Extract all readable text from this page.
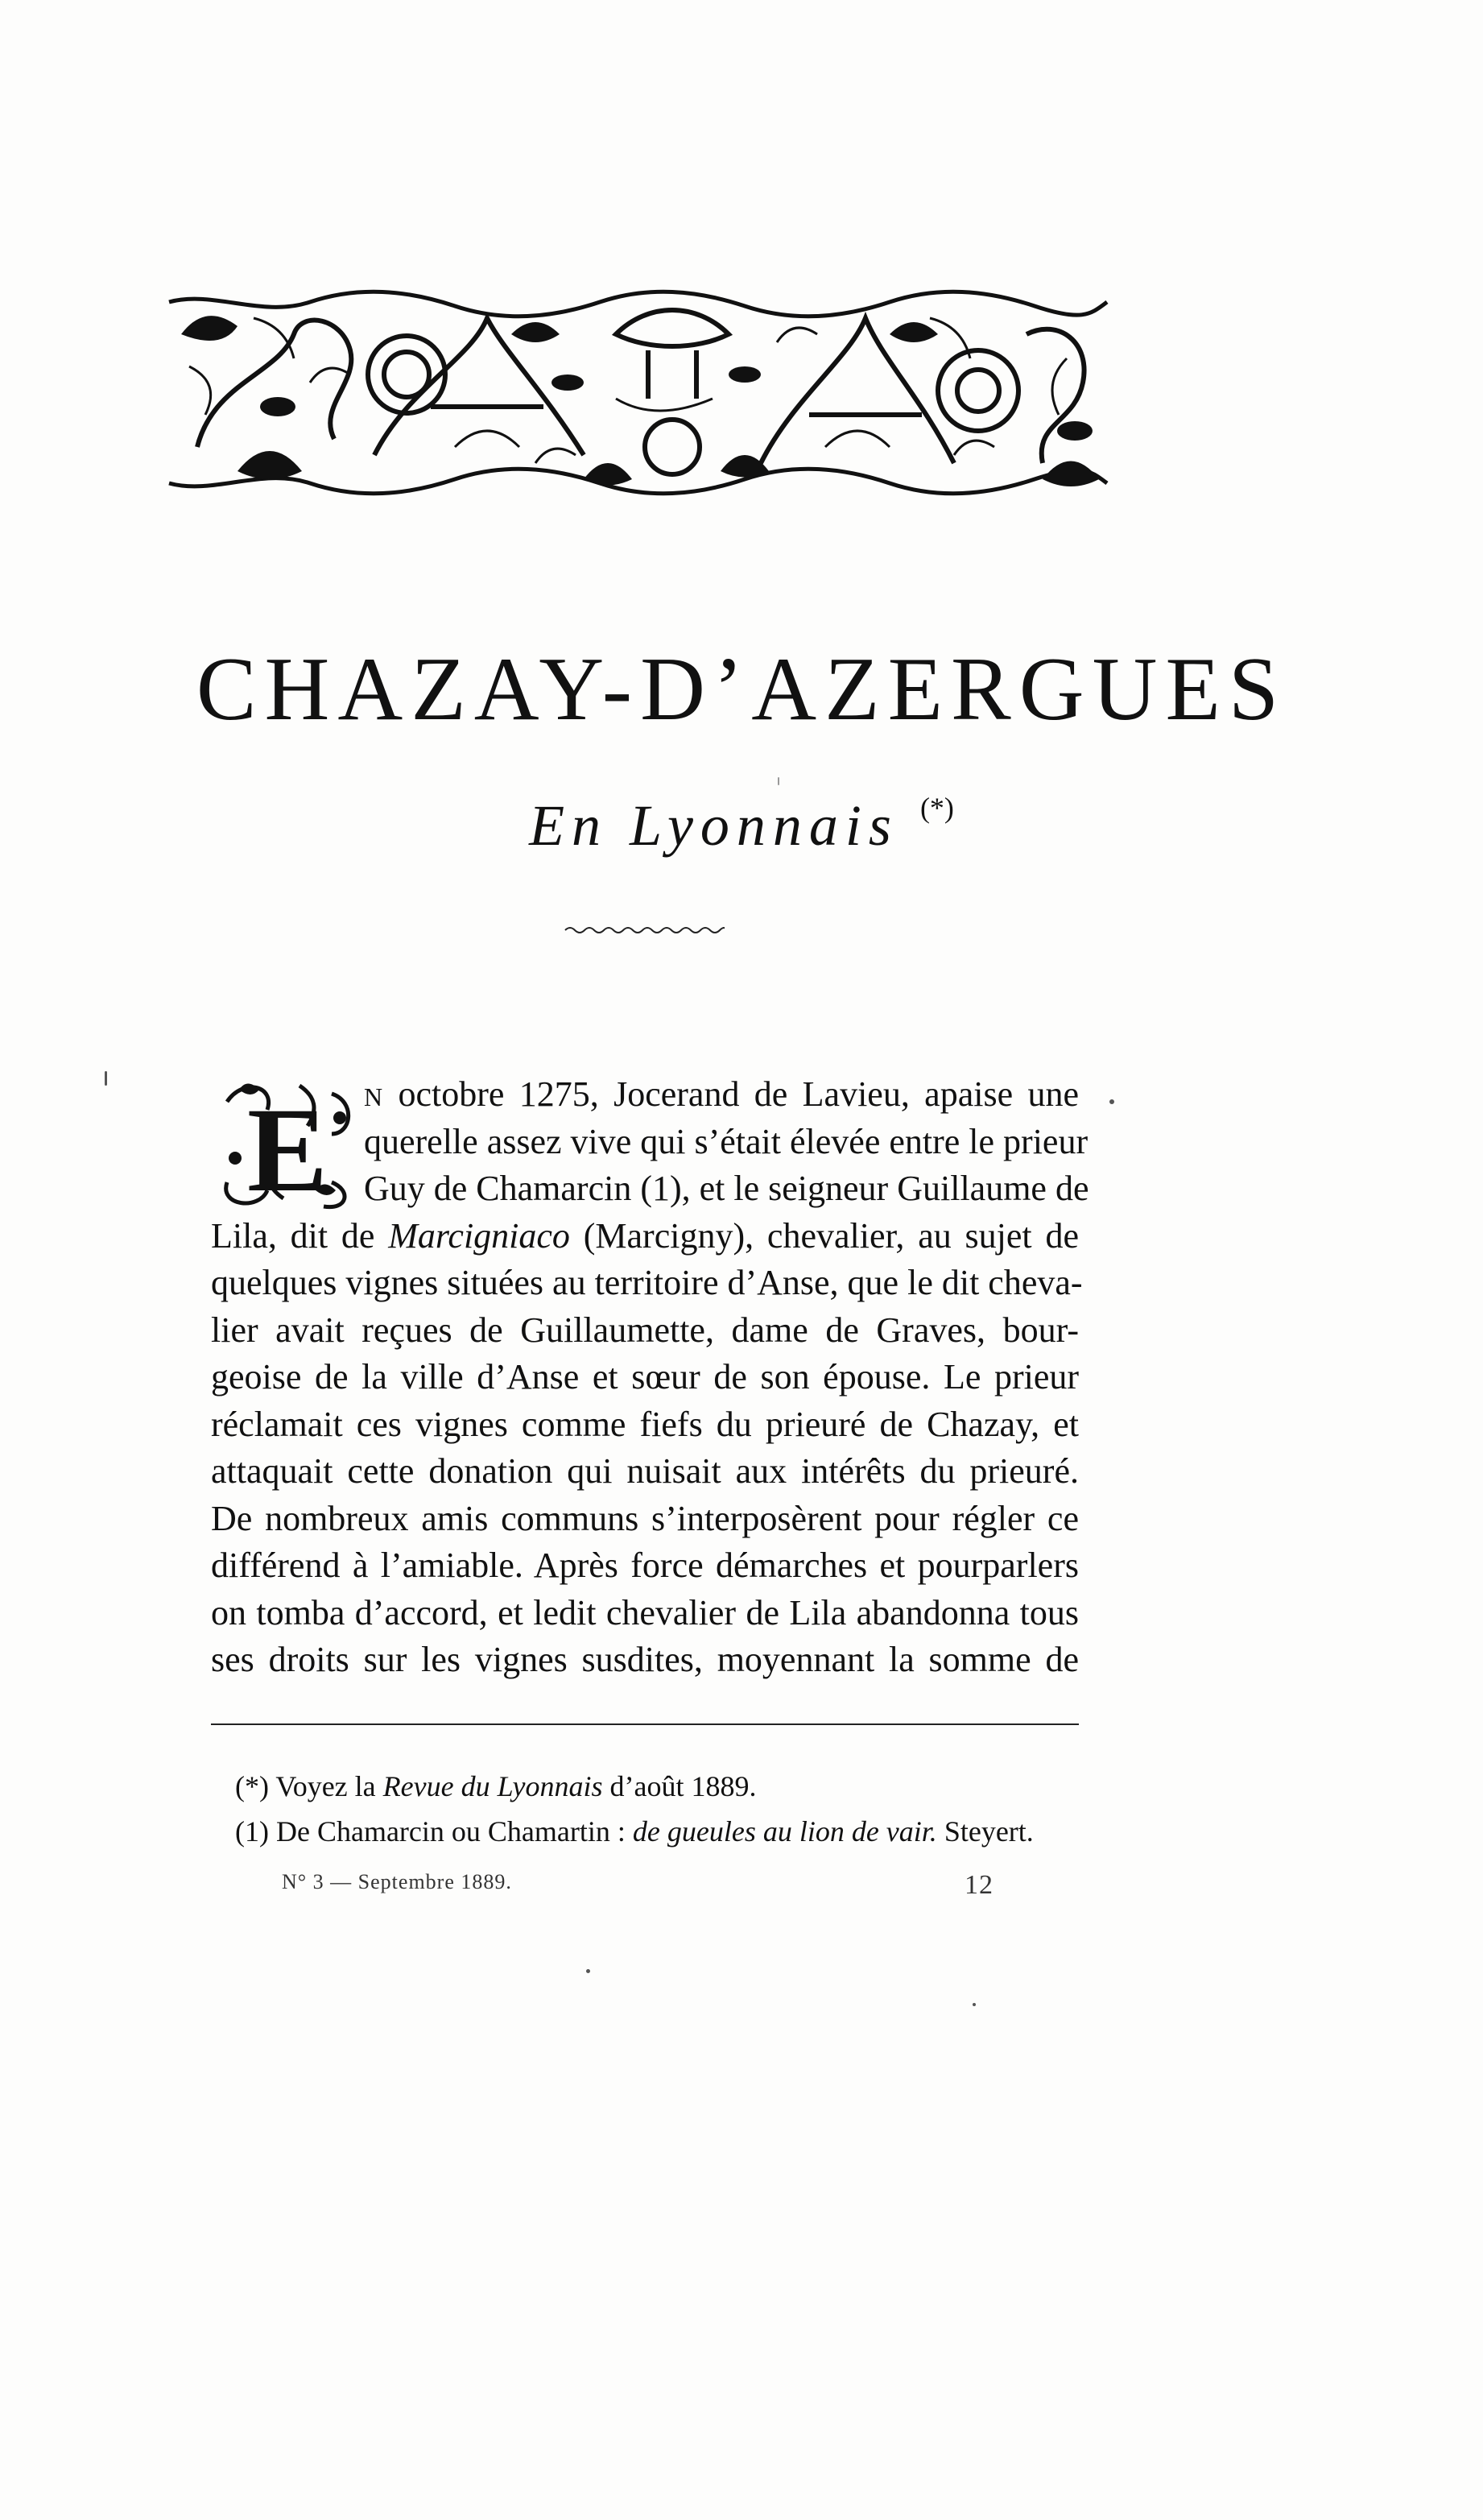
CHAZAY-D’AZERGUES
En Lyonnais (*)
E	N octobre 1275, Jocerand de Lavieu, apaise une
querelle assez vive qui s’était élevée entre le prieur
Guy de Chamarcin (1), et le seigneur Guillaume de
Lila, dit de Marcigniaco (Marcigny), chevalier, au sujet de
quelques vignes situées au territoire d’Anse, que le dit cheva-
lier avait reçues de Guillaumette, dame de Graves, bour-
geoise de la ville d’Anse et sœur de son épouse. Le prieur
réclamait ces vignes comme fiefs du prieuré de Chazay, et
attaquait cette donation qui nuisait aux intérêts du prieuré.
De nombreux amis communs s’interposèrent pour régler ce
différend à l’amiable. Après force démarches et pourparlers
on tomba d’accord, et ledit chevalier de Lila abandonna tous
ses droits sur les vignes susdites, moyennant la somme de
(*) Voyez la Revue du Lyonnais d’août 1889.
(1) De Chamarcin ou Chamartin : de gueules au lion de vair. Steyert.
N° 3 — Septembre 1889.	12
